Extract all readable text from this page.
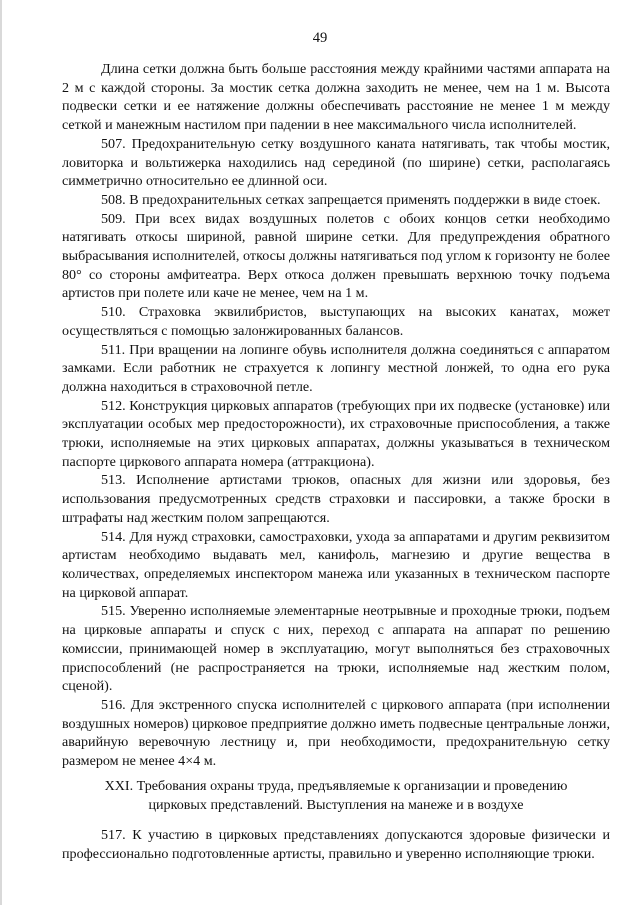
49

Длина сетки должна быть больше расстояния между крайними частями аппарата на 2 м с каждой стороны. За мостик сетка должна заходить не менее, чем на 1 м. Высота подвески сетки и ее натяжение должны обеспечивать расстояние не менее 1 м между сеткой и манежным настилом при падении в нее максимального числа исполнителей.

507. Предохранительную сетку воздушного каната натягивать, так чтобы мостик, ловиторка и вольтижерка находились над серединой (по ширине) сетки, располагаясь симметрично относительно ее длинной оси.

508. В предохранительных сетках запрещается применять поддержки в виде стоек.

509. При всех видах воздушных полетов с обоих концов сетки необходимо натягивать откосы шириной, равной ширине сетки. Для предупреждения обратного выбрасывания исполнителей, откосы должны натягиваться под углом к горизонту не более 80° со стороны амфитеатра. Верх откоса должен превышать верхнюю точку подъема артистов при полете или каче не менее, чем на 1 м.

510. Страховка эквилибристов, выступающих на высоких канатах, может осуществляться с помощью залонжированных балансов.

511. При вращении на лопинге обувь исполнителя должна соединяться с аппаратом замками. Если работник не страхуется к лопингу местной лонжей, то одна его рука должна находиться в страховочной петле.

512. Конструкция цирковых аппаратов (требующих при их подвеске (установке) или эксплуатации особых мер предосторожности), их страховочные приспособления, а также трюки, исполняемые на этих цирковых аппаратах, должны указываться в техническом паспорте циркового аппарата номера (аттракциона).

513. Исполнение артистами трюков, опасных для жизни или здоровья, без использования предусмотренных средств страховки и пассировки, а также броски в штрафаты над жестким полом запрещаются.

514. Для нужд страховки, самостраховки, ухода за аппаратами и другим реквизитом артистам необходимо выдавать мел, канифоль, магнезию и другие вещества в количествах, определяемых инспектором манежа или указанных в техническом паспорте на цирковой аппарат.

515. Уверенно исполняемые элементарные неотрывные и проходные трюки, подъем на цирковые аппараты и спуск с них, переход с аппарата на аппарат по решению комиссии, принимающей номер в эксплуатацию, могут выполняться без страховочных приспособлений (не распространяется на трюки, исполняемые над жестким полом, сценой).

516. Для экстренного спуска исполнителей с циркового аппарата (при исполнении воздушных номеров) цирковое предприятие должно иметь подвесные центральные лонжи, аварийную веревочную лестницу и, при необходимости, предохранительную сетку размером не менее 4×4 м.

XXI. Требования охраны труда, предъявляемые к организации и проведению цирковых представлений. Выступления на манеже и в воздухе

517. К участию в цирковых представлениях допускаются здоровые физически и профессионально подготовленные артисты, правильно и уверенно исполняющие трюки.
